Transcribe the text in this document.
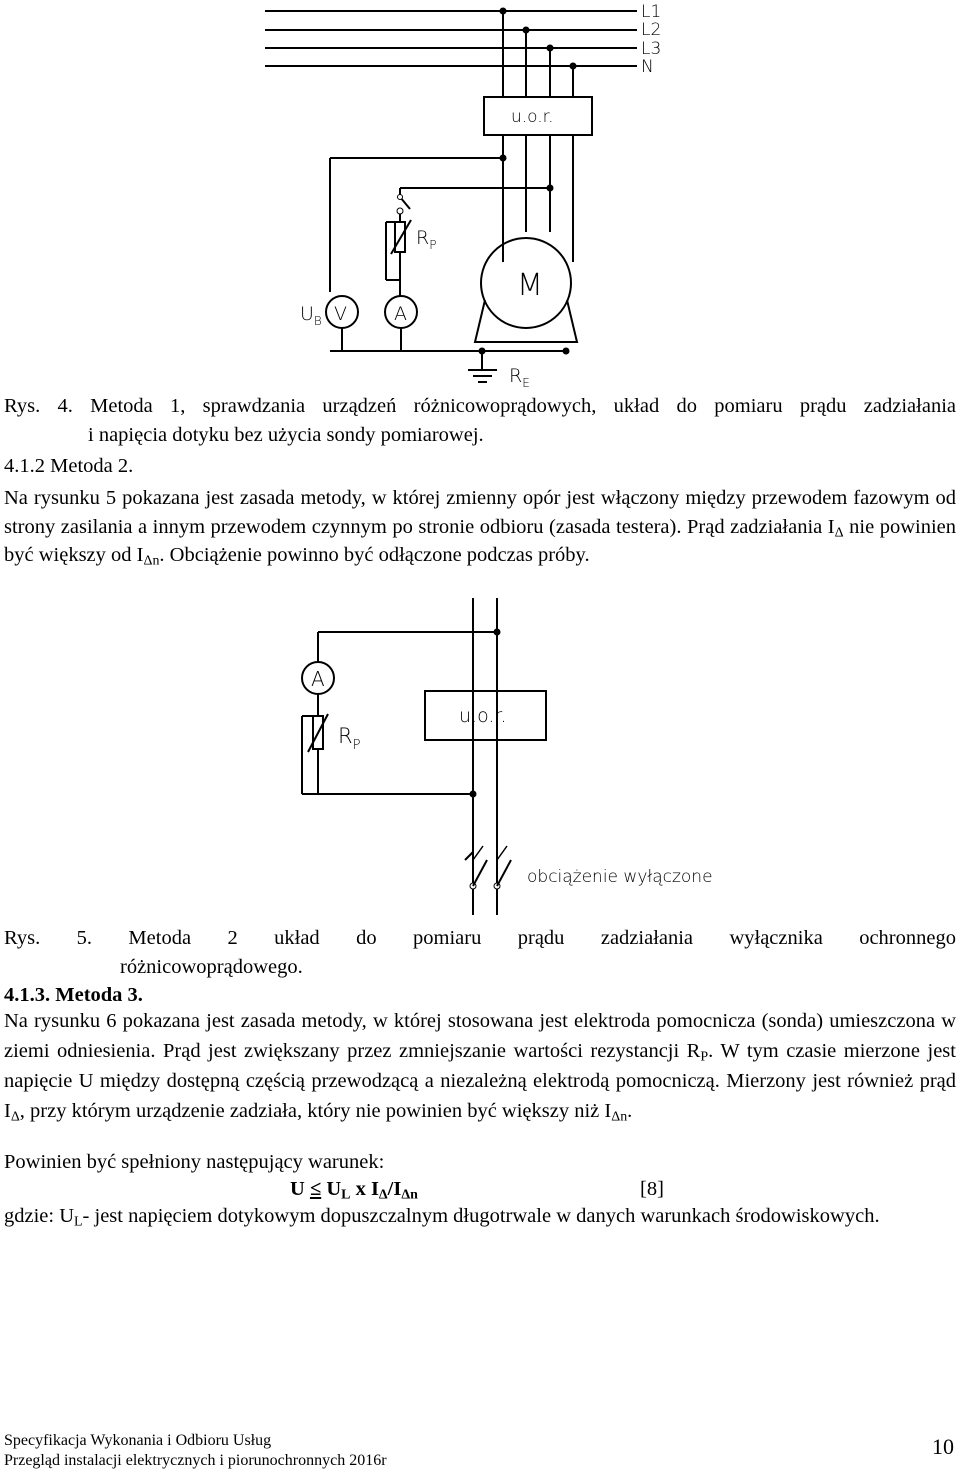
L1
L2
L3
N
u.o.r.
M
V A
$U_B$
$R_P$
$R_E$

Rys. 4. Metoda 1, sprawdzania urządzeń różnicowoprądowych, układ do pomiaru prądu zadziałania

i napięcia dotyku bez użycia sondy pomiarowej.

4.1.2 Metoda 2.

Na rysunku 5 pokazana jest zasada metody, w której zmienny opór jest włączony między przewodem fazowym od strony zasilania a innym przewodem czynnym po stronie odbioru (zasada testera). Prąd zadziałania $I_\Delta$ nie powinien być większy od $I_{\Delta n}$. Obciążenie powinno być odłączone podczas próby.

A
$R_P$
u.o.r.
obciążenie wyłączone

Rys. 5. Metoda 2 układ do pomiaru prądu zadziałania wyłącznika ochronnego

różnicowoprądowego.

4.1.3. Metoda 3.

Na rysunku 6 pokazana jest zasada metody, w której stosowana jest elektroda pomocnicza (sonda) umieszczona w ziemi odniesienia. Prąd jest zwiększany przez zmniejszanie wartości rezystancji $R_P$. W tym czasie mierzone jest napięcie U między dostępną częścią przewodzącą a niezależną elektrodą pomocniczą. Mierzony jest również prąd $I_\Delta$, przy którym urządzenie zadziała, który nie powinien być większy niż $I_{\Delta n}$.

Powinien być spełniony następujący warunek:

$U \le U_L$ x $I_\Delta/I_{\Delta n}$	[8]

gdzie: $U_L-$ jest napięciem dotykowym dopuszczalnym długotrwale w danych warunkach środowiskowych.

Specyfikacja Wykonania i Odbioru Usług
Przegląd instalacji elektrycznych i piorunochronnych 2016r
10
